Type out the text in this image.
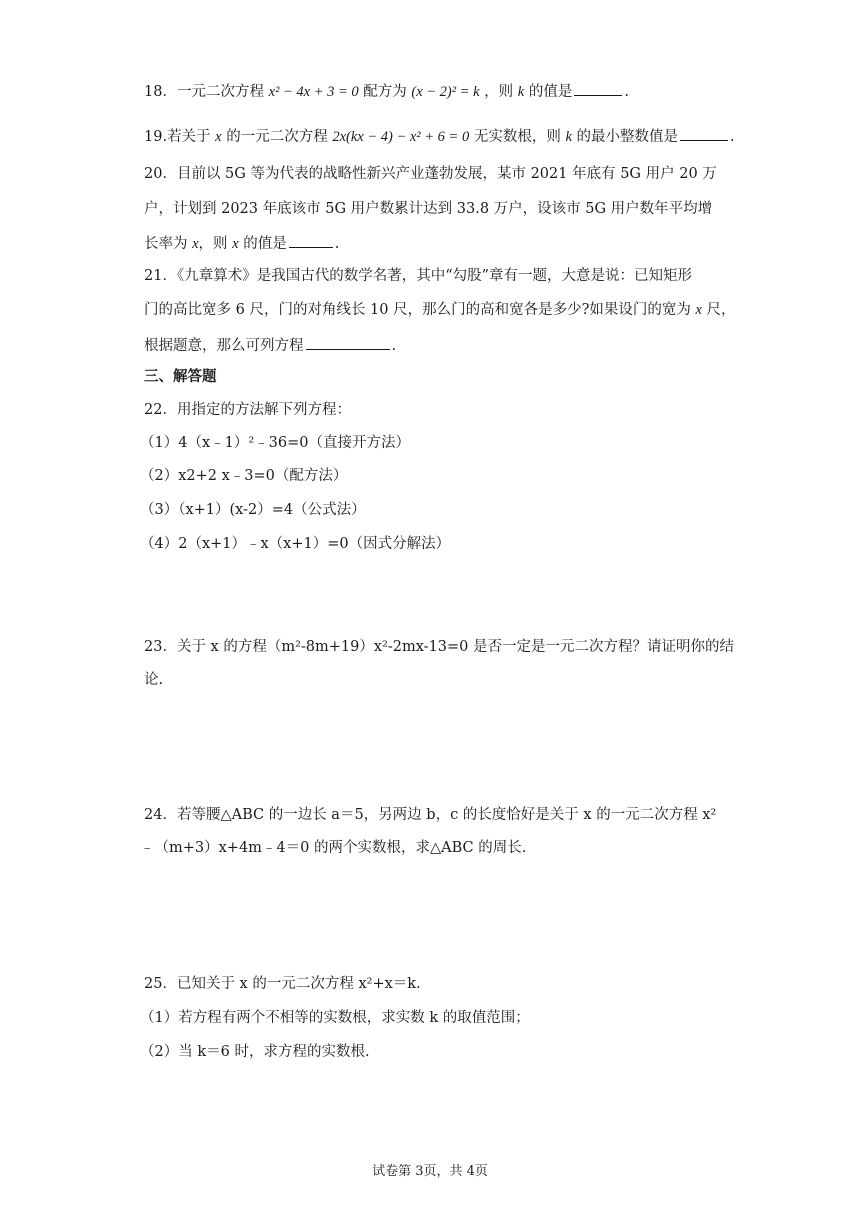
18．一元二次方程 x² − 4x + 3 = 0 配方为 (x − 2)² = k ，则 k 的值是	.
19.若关于 x 的一元二次方程 2x(kx − 4) − x² + 6 = 0 无实数根，则 k 的最小整数值是	.
20．目前以 5G 等为代表的战略性新兴产业蓬勃发展，某市 2021 年底有 5G 用户 20 万
户，计划到 2023 年底该市 5G 用户数累计达到 33.8 万户，设该市 5G 用户数年平均增
长率为 x，则 x 的值是	.
21．《九章算术》是我国古代的数学名著，其中“勾股”章有一题，大意是说：已知矩形
门的高比宽多 6 尺，门的对角线长 10 尺，那么门的高和宽各是多少?如果设门的宽为 x 尺，
根据题意，那么可列方程	.
三、解答题
22．用指定的方法解下列方程：
（1）4（x﹣1）²﹣36=0（直接开方法）
（2）x2+2 x﹣3=0（配方法）
（3）（x+1）(x-2）=4（公式法）
（4）2（x+1）﹣x（x+1）=0（因式分解法）
23．关于 x 的方程（m²-8m+19）x²-2mx-13=0 是否一定是一元二次方程？请证明你的结
论.
24．若等腰△ABC 的一边长 a＝5，另两边 b，c 的长度恰好是关于 x 的一元二次方程 x²
﹣（m+3）x+4m﹣4＝0 的两个实数根，求△ABC 的周长.
25．已知关于 x 的一元二次方程 x²+x＝k.
（1）若方程有两个不相等的实数根，求实数 k 的取值范围；
（2）当 k＝6 时，求方程的实数根.
试卷第 3页，共 4页
